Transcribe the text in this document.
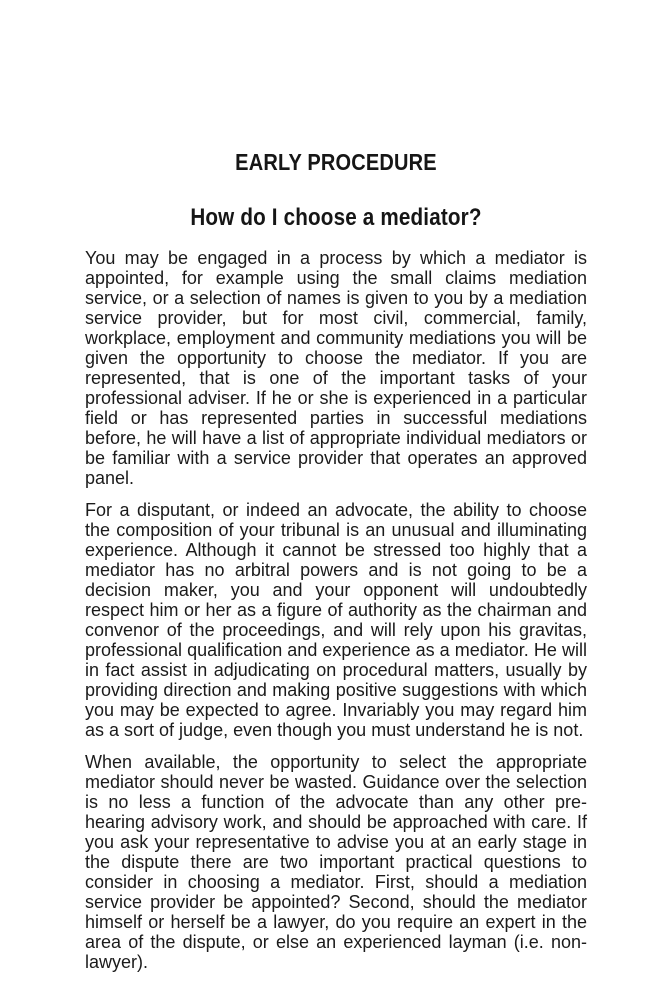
EARLY PROCEDURE
How do I choose a mediator?

You may be engaged in a process by which a mediator is appointed, for example using the small claims mediation service, or a selection of names is given to you by a mediation service provider, but for most civil, commercial, family, workplace, employment and community mediations you will be given the opportunity to choose the mediator. If you are represented, that is one of the important tasks of your professional adviser. If he or she is experienced in a particular field or has represented parties in successful mediations before, he will have a list of appropriate individual mediators or be familiar with a service provider that operates an approved panel.

For a disputant, or indeed an advocate, the ability to choose the composition of your tribunal is an unusual and illuminating experience. Although it cannot be stressed too highly that a mediator has no arbitral powers and is not going to be a decision maker, you and your opponent will undoubtedly respect him or her as a figure of authority as the chairman and convenor of the proceedings, and will rely upon his gravitas, professional qualification and experience as a mediator. He will in fact assist in adjudicating on procedural matters, usually by providing direction and making positive suggestions with which you may be expected to agree. Invariably you may regard him as a sort of judge, even though you must understand he is not.

When available, the opportunity to select the appropriate mediator should never be wasted. Guidance over the selection is no less a function of the advocate than any other pre-hearing advisory work, and should be approached with care. If you ask your representative to advise you at an early stage in the dispute there are two important practical questions to consider in choosing a mediator. First, should a mediation service provider be appointed? Second, should the mediator himself or herself be a lawyer, do you require an expert in the area of the dispute, or else an experienced layman (i.e. non-lawyer).
